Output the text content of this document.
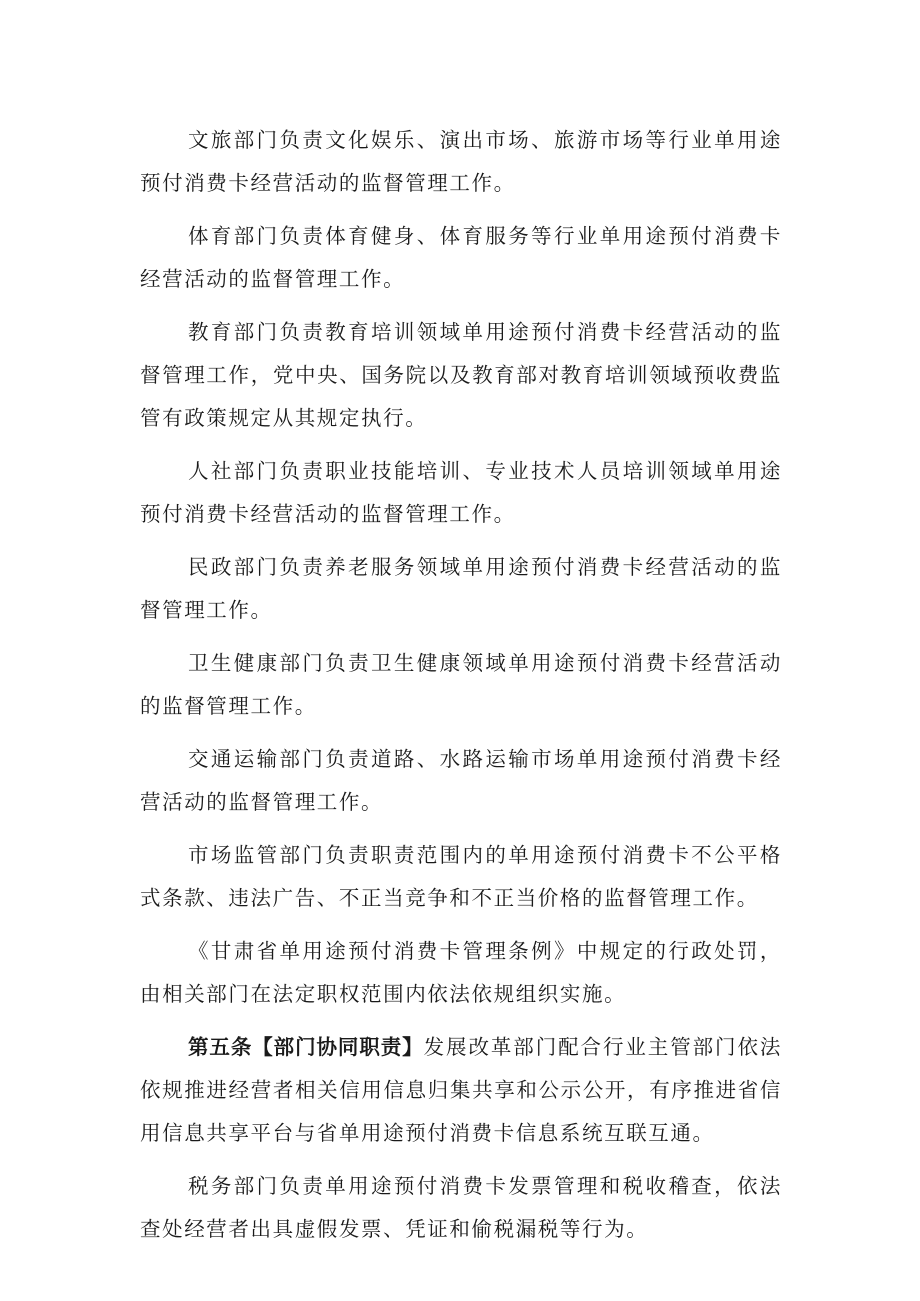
文旅部门负责文化娱乐、演出市场、旅游市场等行业单用途预付消费卡经营活动的监督管理工作。

体育部门负责体育健身、体育服务等行业单用途预付消费卡经营活动的监督管理工作。

教育部门负责教育培训领域单用途预付消费卡经营活动的监督管理工作，党中央、国务院以及教育部对教育培训领域预收费监管有政策规定从其规定执行。

人社部门负责职业技能培训、专业技术人员培训领域单用途预付消费卡经营活动的监督管理工作。

民政部门负责养老服务领域单用途预付消费卡经营活动的监督管理工作。

卫生健康部门负责卫生健康领域单用途预付消费卡经营活动的监督管理工作。

交通运输部门负责道路、水路运输市场单用途预付消费卡经营活动的监督管理工作。

市场监管部门负责职责范围内的单用途预付消费卡不公平格式条款、违法广告、不正当竞争和不正当价格的监督管理工作。

《甘肃省单用途预付消费卡管理条例》中规定的行政处罚，由相关部门在法定职权范围内依法依规组织实施。

第五条【部门协同职责】发展改革部门配合行业主管部门依法依规推进经营者相关信用信息归集共享和公示公开，有序推进省信用信息共享平台与省单用途预付消费卡信息系统互联互通。

税务部门负责单用途预付消费卡发票管理和税收稽查，依法查处经营者出具虚假发票、凭证和偷税漏税等行为。
